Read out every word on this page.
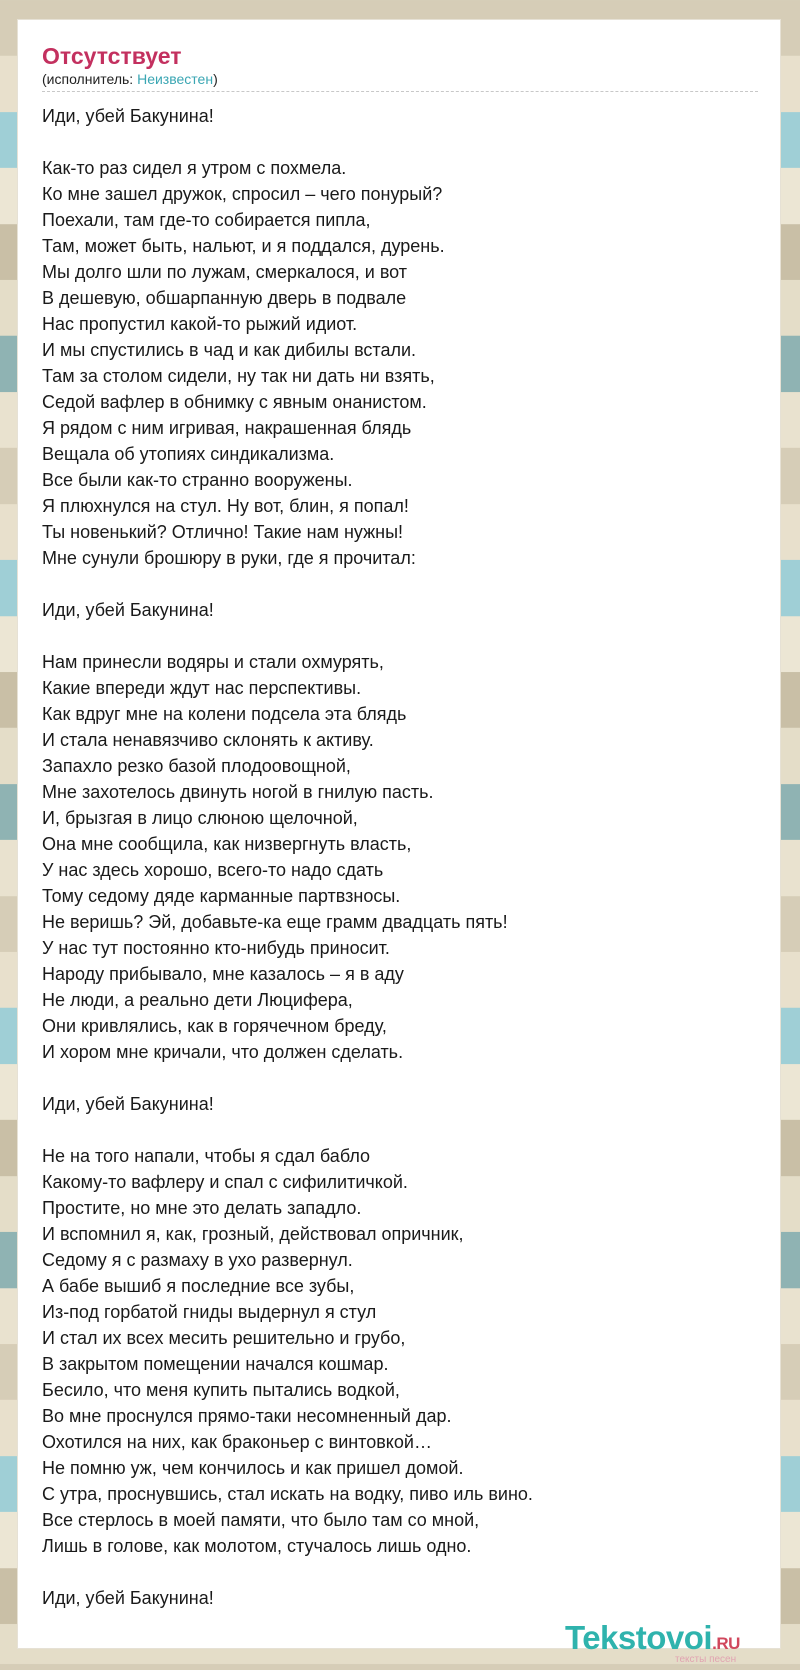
Отсутствует
(исполнитель: Неизвестен)
Иди, убей Бакунина!
Как-то раз сидел я утром с похмела.
Ко мне зашел дружок, спросил – чего понурый?
Поехали, там где-то собирается пипла,
Там, может быть, нальют, и я поддался, дурень.
Мы долго шли по лужам, смеркалося, и вот
В дешевую, обшарпанную дверь в подвале
Нас пропустил какой-то рыжий идиот.
И мы спустились в чад и как дибилы встали.
Там за столом сидели, ну так ни дать ни взять,
Седой вафлер в обнимку с явным онанистом.
Я рядом с ним игривая, накрашенная блядь
Вещала об утопиях синдикализма.
Все были как-то странно вооружены.
Я плюхнулся на стул. Ну вот, блин, я попал!
Ты новенький? Отлично! Такие нам нужны!
Мне сунули брошюру в руки, где я прочитал:
Иди, убей Бакунина!
Нам принесли водяры и стали охмурять,
Какие впереди ждут нас перспективы.
Как вдруг мне на колени подсела эта блядь
И стала ненавязчиво склонять к активу.
Запахло резко базой плодоовощной,
Мне захотелось двинуть ногой в гнилую пасть.
И, брызгая в лицо слюною щелочной,
Она мне сообщила, как низвергнуть власть,
У нас здесь хорошо, всего-то надо сдать
Тому седому дяде карманные партвзносы.
Не веришь? Эй, добавьте-ка еще грамм двадцать пять!
У нас тут постоянно кто-нибудь приносит.
Народу прибывало, мне казалось – я в аду
Не люди, а реально дети Люцифера,
Они кривлялись, как в горячечном бреду,
И хором мне кричали, что должен сделать.
Иди, убей Бакунина!
Не на того напали, чтобы я сдал бабло
Какому-то вафлеру и спал с сифилитичкой.
Простите, но мне это делать западло.
И вспомнил я, как, грозный, действовал опричник,
Седому я с размаху в ухо развернул.
А бабе вышиб я последние все зубы,
Из-под горбатой гниды выдернул я стул
И стал их всех месить решительно и грубо,
В закрытом помещении начался кошмар.
Бесило, что меня купить пытались водкой,
Во мне проснулся прямо-таки несомненный дар.
Охотился на них, как браконьер с винтовкой…
Не помню уж, чем кончилось и как пришел домой.
С утра, проснувшись, стал искать на водку, пиво иль вино.
Все стерлось в моей памяти, что было там со мной,
Лишь в голове, как молотом, стучалось лишь одно.
Иди, убей Бакунина!
Tekstovoi.RU
тексты песен
